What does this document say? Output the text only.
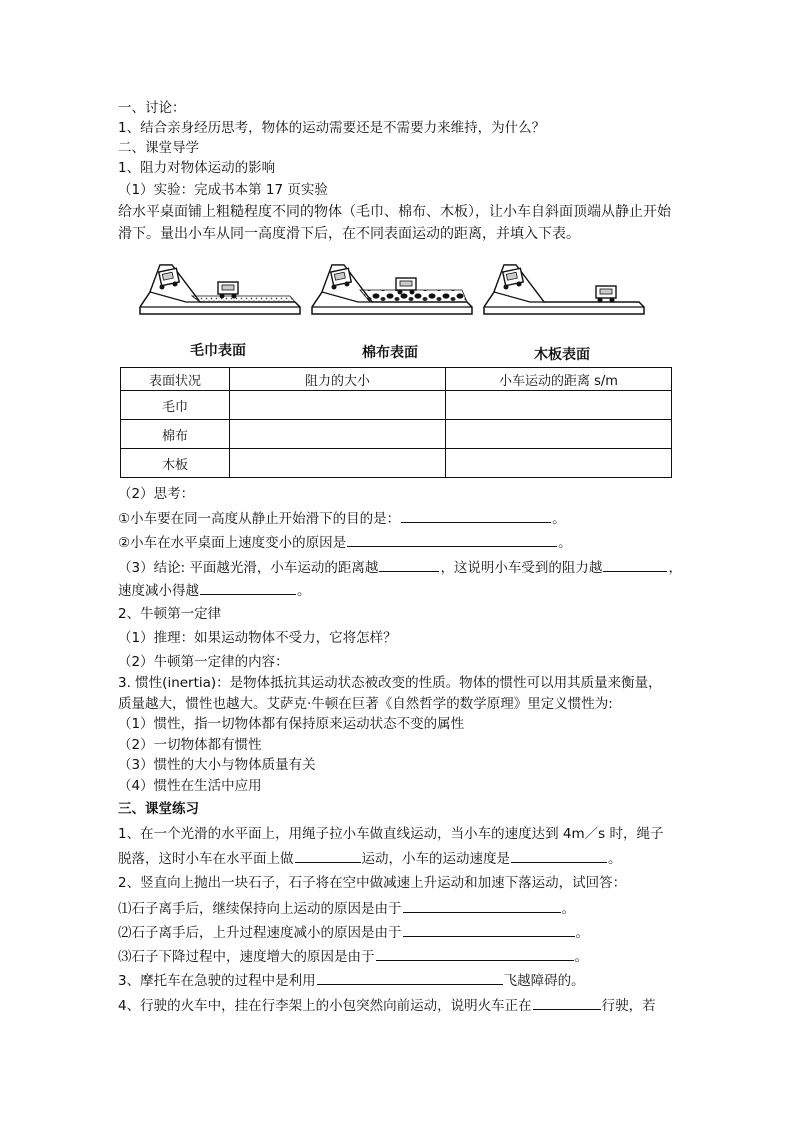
一、讨论：
1、结合亲身经历思考，物体的运动需要还是不需要力来维持，为什么？
二、课堂导学
1、阻力对物体运动的影响
（1）实验：完成书本第 17 页实验
给水平桌面铺上粗糙程度不同的物体（毛巾、棉布、木板），让小车自斜面顶端从静止开始
滑下。量出小车从同一高度滑下后，在不同表面运动的距离，并填入下表。
毛巾表面	棉布表面	木板表面
表面状况	阻力的大小	小车运动的距离 s/m
毛巾		
棉布		
木板		
（2）思考：
①小车要在同一高度从静止开始滑下的目的是：	。
②小车在水平桌面上速度变小的原因是	。
（3）结论: 平面越光滑，小车运动的距离越	，这说明小车受到的阻力越	，
速度减小得越	。
2、牛顿第一定律
（1）推理：如果运动物体不受力，它将怎样？
（2）牛顿第一定律的内容：
3. 惯性(inertia)：是物体抵抗其运动状态被改变的性质。物体的惯性可以用其质量来衡量，
质量越大，惯性也越大。艾萨克·牛顿在巨著《自然哲学的数学原理》里定义惯性为:
（1）惯性，指一切物体都有保持原来运动状态不变的属性
（2）一切物体都有惯性
（3）惯性的大小与物体质量有关
（4）惯性在生活中应用
三、课堂练习
1、在一个光滑的水平面上，用绳子拉小车做直线运动，当小车的速度达到 4m／s 时，绳子
脱落，这时小车在水平面上做	运动，小车的运动速度是	。
2、竖直向上抛出一块石子，石子将在空中做减速上升运动和加速下落运动，试回答：
⑴石子离手后，继续保持向上运动的原因是由于	。
⑵石子离手后，上升过程速度减小的原因是由于	。
⑶石子下降过程中，速度增大的原因是由于	。
3、摩托车在急驶的过程中是利用	飞越障碍的。
4、行驶的火车中，挂在行李架上的小包突然向前运动，说明火车正在	行驶，若
